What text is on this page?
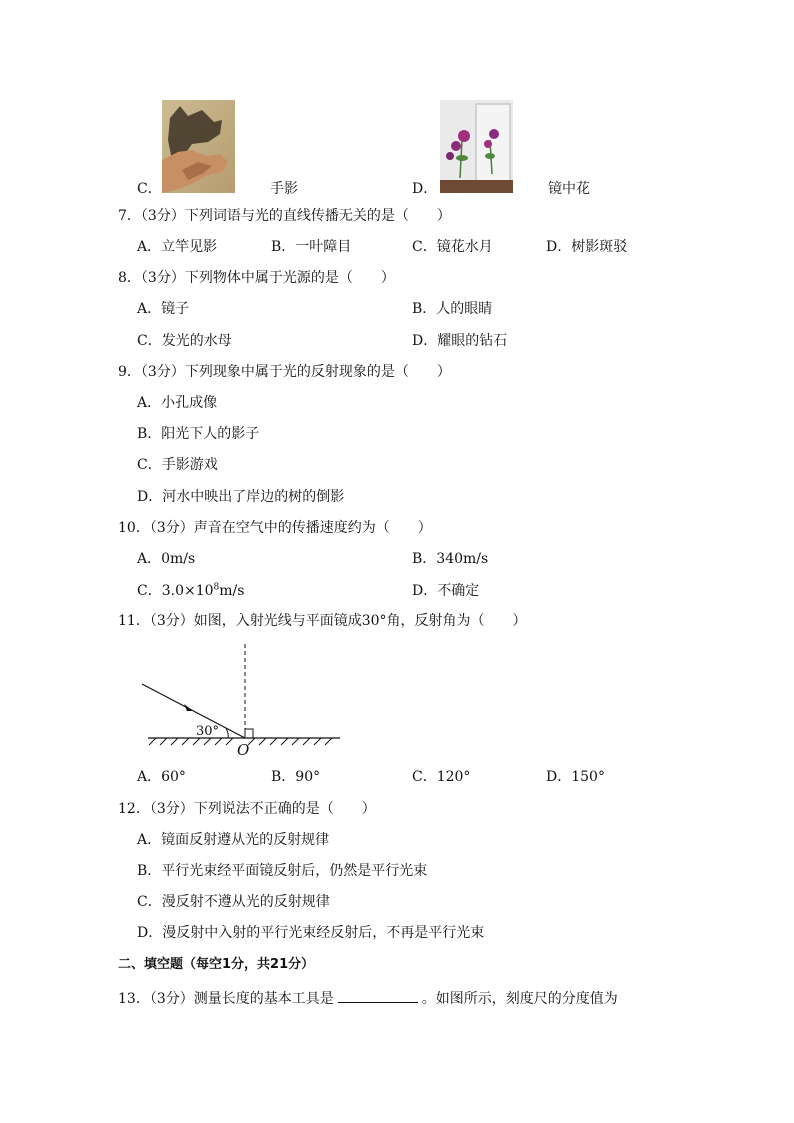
C．	手影	D．	镜中花
7．（3分）下列词语与光的直线传播无关的是（　　）
A．立竿见影	B．一叶障目	C．镜花水月	D．树影斑驳
8．（3分）下列物体中属于光源的是（　　）
A．镜子	B．人的眼睛
C．发光的水母	D．耀眼的钻石
9．（3分）下列现象中属于光的反射现象的是（　　）
A．小孔成像
B．阳光下人的影子
C．手影游戏
D．河水中映出了岸边的树的倒影
10．（3分）声音在空气中的传播速度约为（　　）
A．0m/s	B．340m/s
C．$3.0\times 10^8m/s$	D．不确定
11．（3分）如图，入射光线与平面镜成30°角，反射角为（　　）
30°
O
A．60°	B．90°	C．120°	D．150°
12．（3分）下列说法不正确的是（　　）
A．镜面反射遵从光的反射规律
B．平行光束经平面镜反射后，仍然是平行光束
C．漫反射不遵从光的反射规律
D．漫反射中入射的平行光束经反射后，不再是平行光束
二、填空题（每空1分，共21分）
13．（3分）测量长度的基本工具是	。如图所示，刻度尺的分度值为
